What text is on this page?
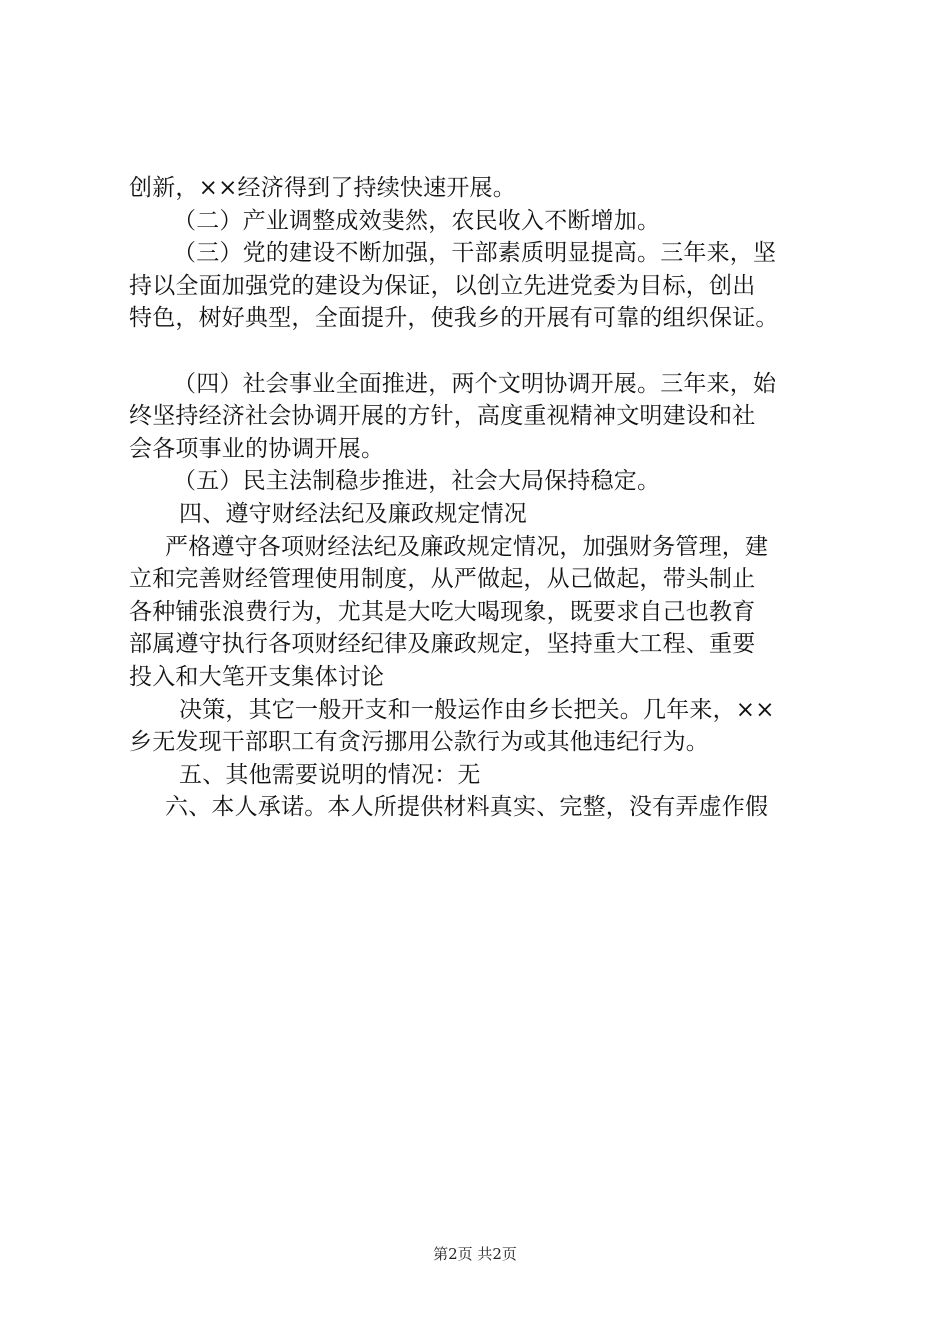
创新，××经济得到了持续快速开展。
（二）产业调整成效斐然，农民收入不断增加。
（三）党的建设不断加强，干部素质明显提高。三年来，坚
持以全面加强党的建设为保证，以创立先进党委为目标，创出
特色，树好典型，全面提升，使我乡的开展有可靠的组织保证。
（四）社会事业全面推进，两个文明协调开展。三年来，始
终坚持经济社会协调开展的方针，高度重视精神文明建设和社
会各项事业的协调开展。
（五）民主法制稳步推进，社会大局保持稳定。
四、遵守财经法纪及廉政规定情况
严格遵守各项财经法纪及廉政规定情况，加强财务管理，建
立和完善财经管理使用制度，从严做起，从己做起，带头制止
各种铺张浪费行为，尤其是大吃大喝现象，既要求自己也教育
部属遵守执行各项财经纪律及廉政规定，坚持重大工程、重要
投入和大笔开支集体讨论
决策，其它一般开支和一般运作由乡长把关。几年来，××
乡无发现干部职工有贪污挪用公款行为或其他违纪行为。
五、其他需要说明的情况：无
六、本人承诺。本人所提供材料真实、完整，没有弄虚作假
第2页 共2页
